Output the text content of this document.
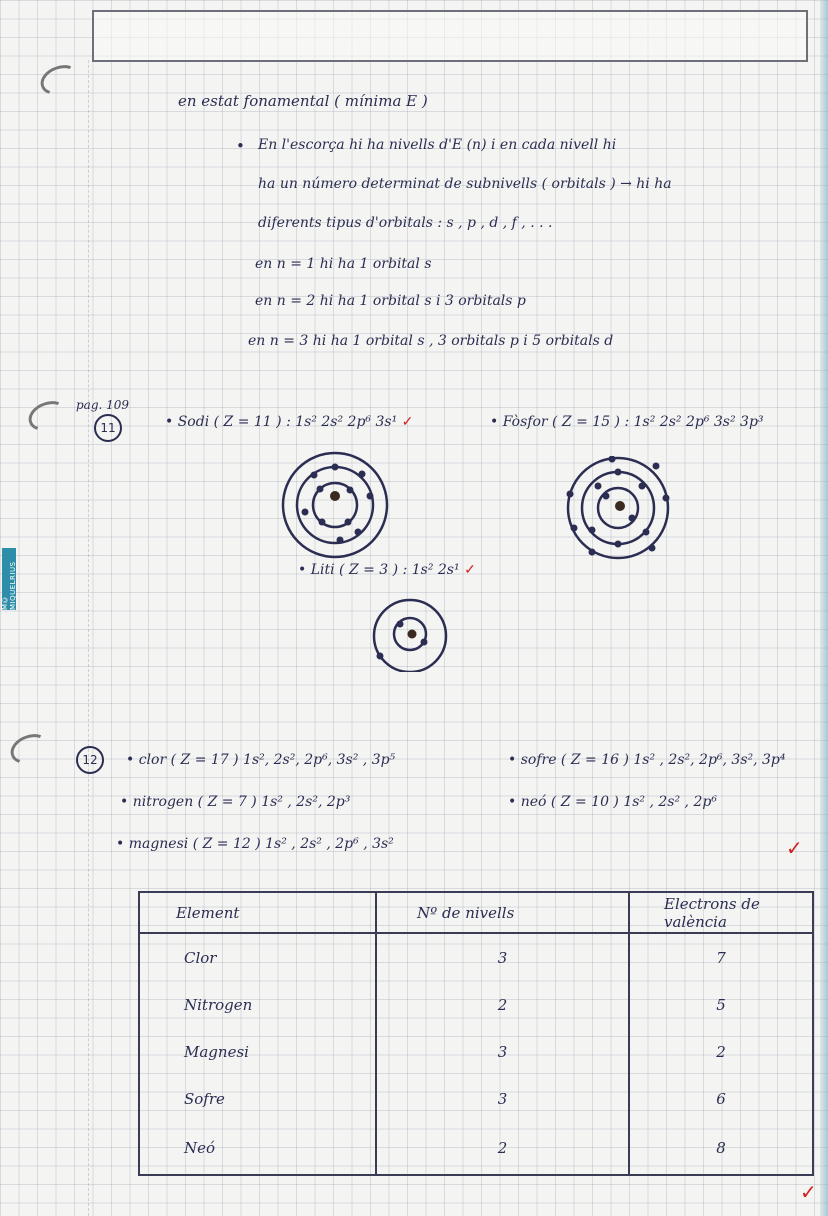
M© MIQUELRIUS
en estat fonamental ( mínima E )
• En l'escorça hi ha nivells d'E (n) i en cada nivell hi
ha un número determinat de subnivells ( orbitals ) → hi ha
diferents tipus d'orbitals : s , p , d , f , . . .
en n = 1 hi ha 1 orbital s
en n = 2 hi ha 1 orbital s i 3 orbitals p
en n = 3 hi ha 1 orbital s , 3 orbitals p i 5 orbitals d
pag. 109
11	• Sodi ( Z = 11 ) : 1s² 2s² 2p⁶ 3s¹ ✓	• Fòsfor ( Z = 15 ) : 1s² 2s² 2p⁶ 3s² 3p³
• Liti ( Z = 3 ) : 1s² 2s¹ ✓
12	• clor ( Z = 17 ) 1s², 2s², 2p⁶, 3s² , 3p⁵	• sofre ( Z = 16 ) 1s² , 2s², 2p⁶, 3s², 3p⁴
• nitrogen ( Z = 7 ) 1s² , 2s², 2p³	• neó ( Z = 10 ) 1s² , 2s² , 2p⁶
• magnesi ( Z = 12 ) 1s² , 2s² , 2p⁶ , 3s²	✓
Element	Nº de nivells	Electrons de valència
Clor	3	7
Nitrogen	2	5
Magnesi	3	2
Sofre	3	6
Neó	2	8
✓
